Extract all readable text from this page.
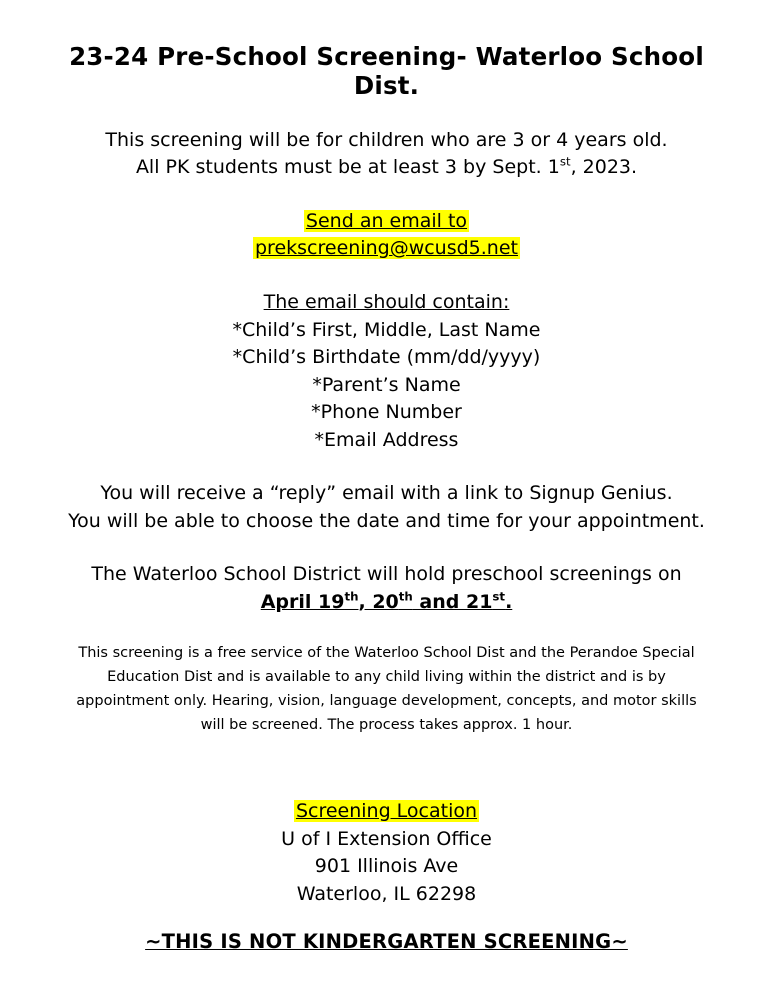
23-24 Pre-School Screening- Waterloo School Dist.
This screening will be for children who are 3 or 4 years old.
All PK students must be at least 3 by Sept. 1st, 2023.
Send an email to
prekscreening@wcusd5.net
The email should contain:
*Child’s First, Middle, Last Name
*Child’s Birthdate (mm/dd/yyyy)
*Parent’s Name
*Phone Number
*Email Address
You will receive a “reply” email with a link to Signup Genius.
You will be able to choose the date and time for your appointment.
The Waterloo School District will hold preschool screenings on
April 19th, 20th and 21st.
This screening is a free service of the Waterloo School Dist and the Perandoe Special Education Dist and is available to any child living within the district and is by appointment only. Hearing, vision, language development, concepts, and motor skills will be screened. The process takes approx. 1 hour.
Screening Location
U of I Extension Office
901 Illinois Ave
Waterloo, IL 62298
~THIS IS NOT KINDERGARTEN SCREENING~
